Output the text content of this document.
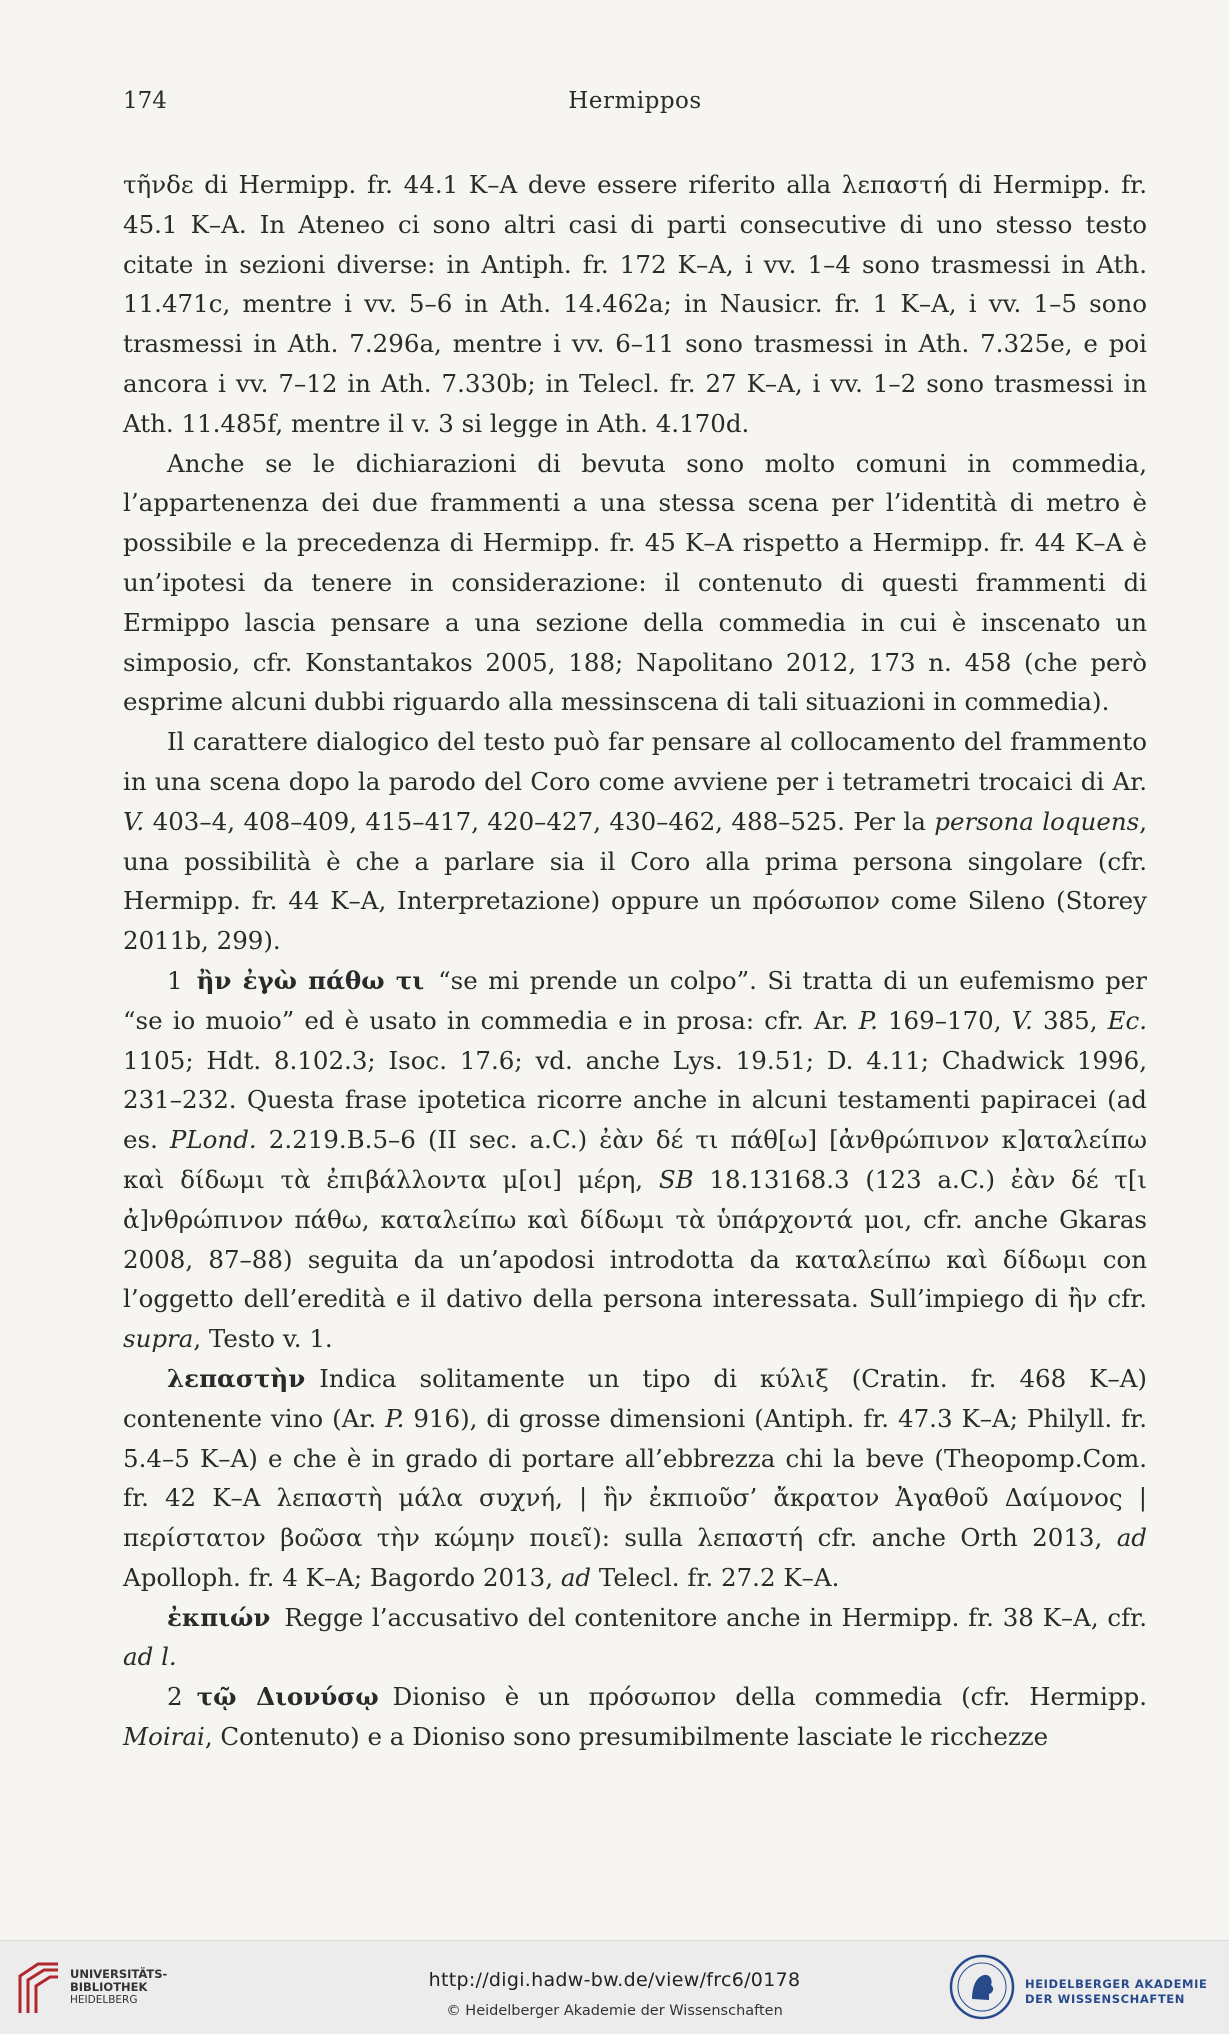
174	Hermippos

τῆνδε di Hermipp. fr. 44.1 K–A deve essere riferito alla λεπαστή di Hermipp. fr. 45.1 K–A. In Ateneo ci sono altri casi di parti consecutive di uno stesso testo citate in sezioni diverse: in Antiph. fr. 172 K–A, i vv. 1–4 sono trasmessi in Ath. 11.471c, mentre i vv. 5–6 in Ath. 14.462a; in Nausicr. fr. 1 K–A, i vv. 1–5 sono trasmessi in Ath. 7.296a, mentre i vv. 6–11 sono trasmessi in Ath. 7.325e, e poi ancora i vv. 7–12 in Ath. 7.330b; in Telecl. fr. 27 K–A, i vv. 1–2 sono trasmessi in Ath. 11.485f, mentre il v. 3 si legge in Ath. 4.170d.

Anche se le dichiarazioni di bevuta sono molto comuni in commedia, l’appartenenza dei due frammenti a una stessa scena per l’identità di metro è possibile e la precedenza di Hermipp. fr. 45 K–A rispetto a Hermipp. fr. 44 K–A è un’ipotesi da tenere in considerazione: il contenuto di questi frammenti di Ermippo lascia pensare a una sezione della commedia in cui è inscenato un simposio, cfr. Konstantakos 2005, 188; Napolitano 2012, 173 n. 458 (che però esprime alcuni dubbi riguardo alla messinscena di tali situazioni in commedia).

Il carattere dialogico del testo può far pensare al collocamento del frammento in una scena dopo la parodo del Coro come avviene per i tetrametri trocaici di Ar. V. 403–4, 408–409, 415–417, 420–427, 430–462, 488–525. Per la persona loquens, una possibilità è che a parlare sia il Coro alla prima persona singolare (cfr. Hermipp. fr. 44 K–A, Interpretazione) oppure un πρόσωπον come Sileno (Storey 2011b, 299).

1 ἢν ἐγὼ πάθω τι “se mi prende un colpo”. Si tratta di un eufemismo per “se io muoio” ed è usato in commedia e in prosa: cfr. Ar. P. 169–170, V. 385, Ec. 1105; Hdt. 8.102.3; Isoc. 17.6; vd. anche Lys. 19.51; D. 4.11; Chadwick 1996, 231–232. Questa frase ipotetica ricorre anche in alcuni testamenti papiracei (ad es. PLond. 2.219.B.5–6 (II sec. a.C.) ἐὰν δέ τι πάθ[ω] [ἀνθρώπινον κ]αταλείπω καὶ δίδωμι τὰ ἐπιβάλλοντα μ[οι] μέρη, SB 18.13168.3 (123 a.C.) ἐὰν δέ τ[ι ἀ]νθρώπινον πάθω, καταλείπω καὶ δίδωμι τὰ ὑπάρχοντά μοι, cfr. anche Gkaras 2008, 87–88) seguita da un’apodosi introdotta da καταλείπω καὶ δίδωμι con l’oggetto dell’eredità e il dativo della persona interessata. Sull’impiego di ἢν cfr. supra, Testo v. 1.

λεπαστὴν Indica solitamente un tipo di κύλιξ (Cratin. fr. 468 K–A) contenente vino (Ar. P. 916), di grosse dimensioni (Antiph. fr. 47.3 K–A; Philyll. fr. 5.4–5 K–A) e che è in grado di portare all’ebbrezza chi la beve (Theopomp.Com. fr. 42 K–A λεπαστὴ μάλα συχνή, | ἣν ἐκπιοῦσ’ ἄκρατον Ἀγαθοῦ Δαίμονος | περίστατον βοῶσα τὴν κώμην ποιεῖ): sulla λεπαστή cfr. anche Orth 2013, ad Apolloph. fr. 4 K–A; Bagordo 2013, ad Telecl. fr. 27.2 K–A.

ἐκπιών Regge l’accusativo del contenitore anche in Hermipp. fr. 38 K–A, cfr. ad l.

2 τῷ Διονύσῳ Dioniso è un πρόσωπον della commedia (cfr. Hermipp. Moirai, Contenuto) e a Dioniso sono presumibilmente lasciate le ricchezze

UNIVERSITÄTS-
BIBLIOTHEK
HEIDELBERG
http://digi.hadw-bw.de/view/frc6/0178
© Heidelberger Akademie der Wissenschaften
HEIDELBERGER AKADEMIE
DER WISSENSCHAFTEN
